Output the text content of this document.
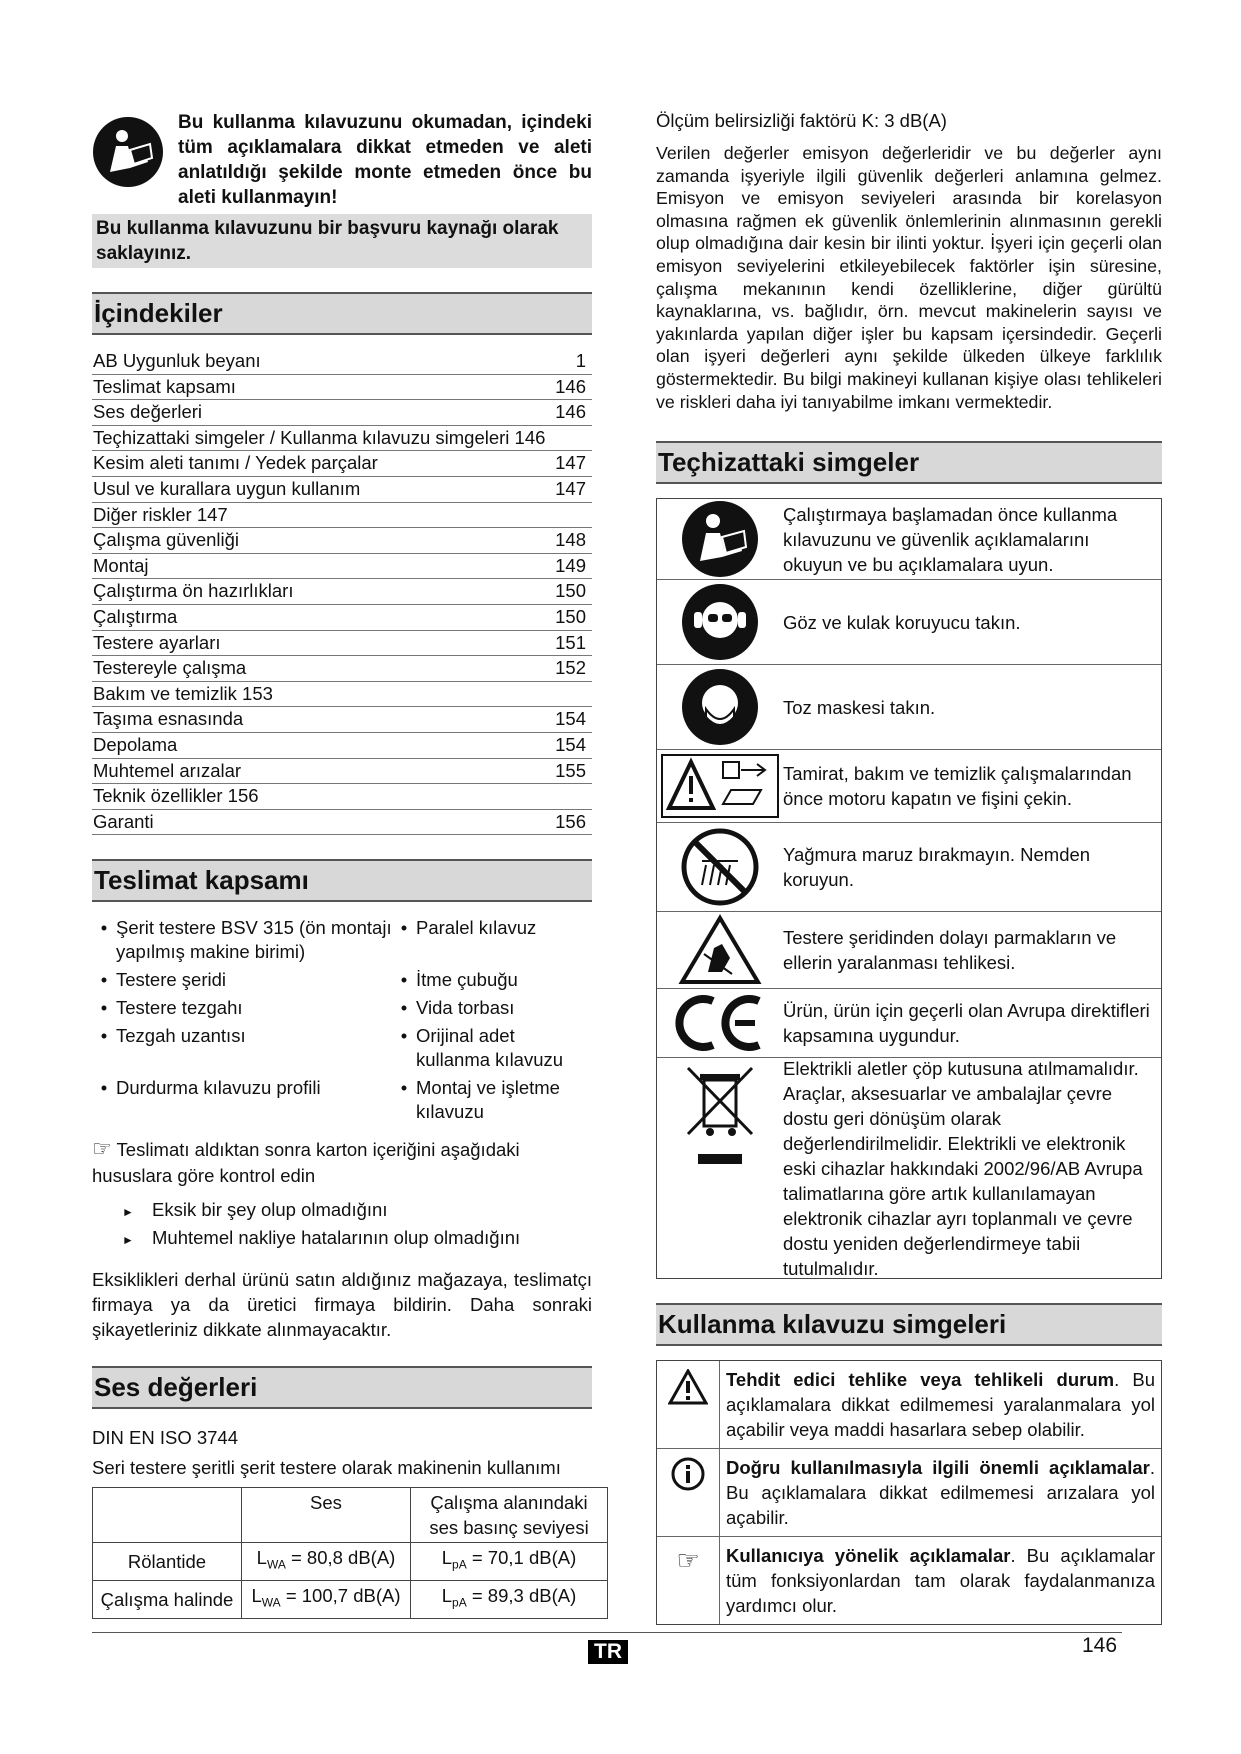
Bu kullanma kılavuzunu okumadan, içindeki tüm açıklamalara dikkat etmeden ve aleti anlatıldığı şekilde monte etmeden önce bu aleti kullanmayın!
Bu kullanma kılavuzunu bir başvuru kaynağı olarak saklayınız.
İçindekiler
AB Uygunluk beyanı	1
Teslimat kapsamı	146
Ses değerleri	146
Teçhizattaki simgeler / Kullanma kılavuzu simgeleri 146
Kesim aleti tanımı / Yedek parçalar	147
Usul ve kurallara uygun kullanım	147
Diğer riskler 147
Çalışma güvenliği	148
Montaj	149
Çalıştırma ön hazırlıkları	150
Çalıştırma	150
Testere ayarları	151
Testereyle çalışma	152
Bakım ve temizlik 153
Taşıma esnasında	154
Depolama	154
Muhtemel arızalar	155
Teknik özellikler 156
Garanti	156
Teslimat kapsamı
• Şerit testere BSV 315 (ön montajı yapılmış makine birimi)
• Paralel kılavuz
• Testere şeridi	• İtme çubuğu
• Testere tezgahı	• Vida torbası
• Tezgah uzantısı	• Orijinal adet kullanma kılavuzu
• Durdurma kılavuzu profili	• Montaj ve işletme kılavuzu
☞ Teslimatı aldıktan sonra karton içeriğini aşağıdaki hususlara göre kontrol edin
► Eksik bir şey olup olmadığını
► Muhtemel nakliye hatalarının olup olmadığını
Eksiklikleri derhal ürünü satın aldığınız mağazaya, teslimatçı firmaya ya da üretici firmaya bildirin. Daha sonraki şikayetleriniz dikkate alınmayacaktır.
Ses değerleri
DIN EN ISO 3744
Seri testere şeritli şerit testere olarak makinenin kullanımı
	Ses	Çalışma alanındaki ses basınç seviyesi
Rölantide	$L_{WA} = 80,8$ dB(A)	$L_{pA} = 70,1$ dB(A)
Çalışma halinde	$L_{WA} = 100,7$ dB(A)	$L_{pA} = 89,3$ dB(A)
Ölçüm belirsizliği faktörü K: 3 dB(A)
Verilen değerler emisyon değerleridir ve bu değerler aynı zamanda işyeriyle ilgili güvenlik değerleri anlamına gelmez. Emisyon ve emisyon seviyeleri arasında bir korelasyon olmasına rağmen ek güvenlik önlemlerinin alınmasının gerekli olup olmadığına dair kesin bir ilinti yoktur. İşyeri için geçerli olan emisyon seviyelerini etkileyebilecek faktörler işin süresine, çalışma mekanının kendi özelliklerine, diğer gürültü kaynaklarına, vs. bağlıdır, örn. mevcut makinelerin sayısı ve yakınlarda yapılan diğer işler bu kapsam içersindedir. Geçerli olan işyeri değerleri aynı şekilde ülkeden ülkeye farklılık göstermektedir. Bu bilgi makineyi kullanan kişiye olası tehlikeleri ve riskleri daha iyi tanıyabilme imkanı vermektedir.
Teçhizattaki simgeler
Çalıştırmaya başlamadan önce kullanma kılavuzunu ve güvenlik açıklamalarını okuyun ve bu açıklamalara uyun.
Göz ve kulak koruyucu takın.
Toz maskesi takın.
Tamirat, bakım ve temizlik çalışmalarından önce motoru kapatın ve fişini çekin.
Yağmura maruz bırakmayın. Nemden koruyun.
Testere şeridinden dolayı parmakların ve ellerin yaralanması tehlikesi.
Ürün, ürün için geçerli olan Avrupa direktifleri kapsamına uygundur.
Elektrikli aletler çöp kutusuna atılmamalıdır. Araçlar, aksesuarlar ve ambalajlar çevre dostu geri dönüşüm olarak değerlendirilmelidir. Elektrikli ve elektronik eski cihazlar hakkındaki 2002/96/AB Avrupa talimatlarına göre artık kullanılamayan elektronik cihazlar ayrı toplanmalı ve çevre dostu yeniden değerlendirmeye tabii tutulmalıdır.
Kullanma kılavuzu simgeleri
Tehdit edici tehlike veya tehlikeli durum. Bu açıklamalara dikkat edilmemesi yaralanmalara yol açabilir veya maddi hasarlara sebep olabilir.
Doğru kullanılmasıyla ilgili önemli açıklamalar. Bu açıklamalara dikkat edilmemesi arızalara yol açabilir.
☞	Kullanıcıya yönelik açıklamalar. Bu açıklamalar tüm fonksiyonlardan tam olarak faydalanmanıza yardımcı olur.
TR	146
